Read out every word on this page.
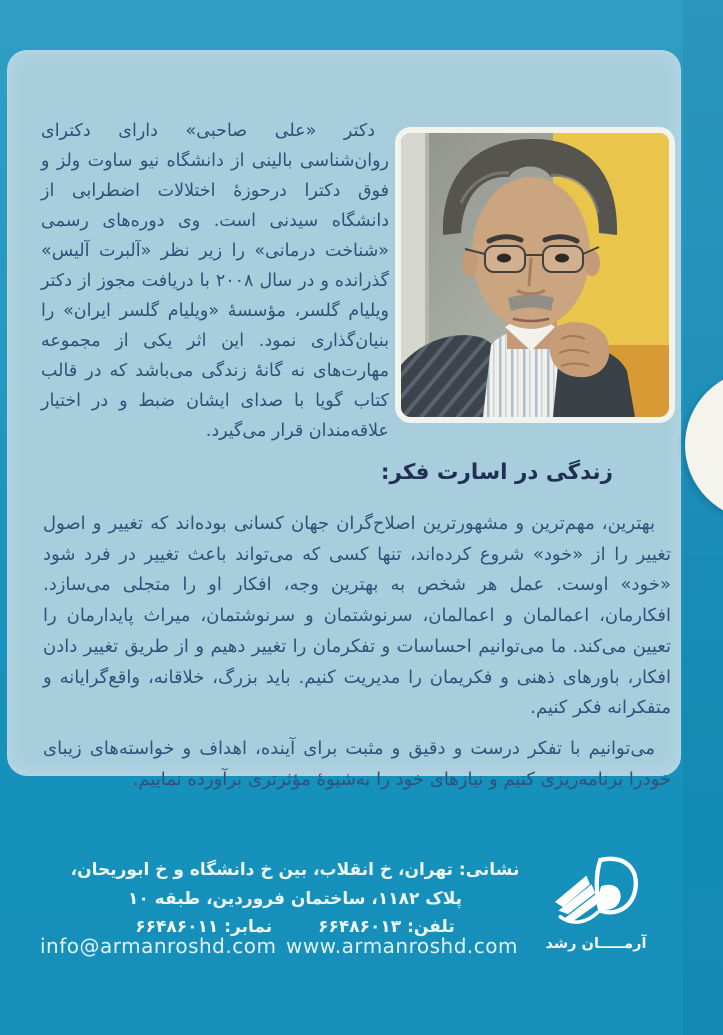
دکتر «علی صاحبی» دارای دکترای روان‌شناسی بالینی از دانشگاه نیو ساوت ولز و فوق دکترا درحوزهٔ اختلالات اضطرابی از دانشگاه سیدنی است. وی دوره‌های رسمی «شناخت درمانی» را زیر نظر «آلبرت آلیس» گذرانده و در سال ۲۰۰۸ با دریافت مجوز از دکتر ویلیام گلسر، مؤسسهٔ «ویلیام گلسر ایران» را بنیان‌گذاری نمود. این اثر یکی از مجموعه مهارت‌های نه گانهٔ زندگی می‌باشد که در قالب کتاب گویا با صدای ایشان ضبط و در اختیار علاقه‌مندان قرار می‌گیرد.
زندگی در اسارت فکر:

بهترین، مهم‌ترین و مشهورترین اصلاح‌گران جهان کسانی بوده‌اند که تغییر و اصول تغییر را از «خود» شروع کرده‌اند، تنها کسی که می‌تواند باعث تغییر در فرد شود «خود» اوست. عمل هر شخص به بهترین وجه، افکار او را متجلی می‌سازد. افکارمان، اعمالمان و اعمالمان، سرنوشتمان و سرنوشتمان، میراث پایدارمان را تعیین می‌کند. ما می‌توانیم احساسات و تفکرمان را تغییر دهیم و از طریق تغییر دادن افکار، باورهای ذهنی و فکریمان را مدیریت کنیم. باید بزرگ، خلاقانه، واقع‌گرایانه و متفکرانه فکر کنیم.

می‌توانیم با تفکر درست و دقیق و مثبت برای آینده، اهداف و خواسته‌های زیبای خودرا برنامه‌ریزی کنیم و نیازهای خود را به‌شیوهٔ مؤثرتری برآورده نماییم.

نشانی: تهران، خ انقلاب، بین خ دانشگاه و خ ابوریحان،
پلاک ۱۱۸۲، ساختمان فروردین، طبقه ۱۰
تلفن: ۶۶۴۸۶۰۱۳
نمابر: ۶۶۴۸۶۰۱۱
info@armanroshd.com www.armanroshd.com آرمـــــان رشد
